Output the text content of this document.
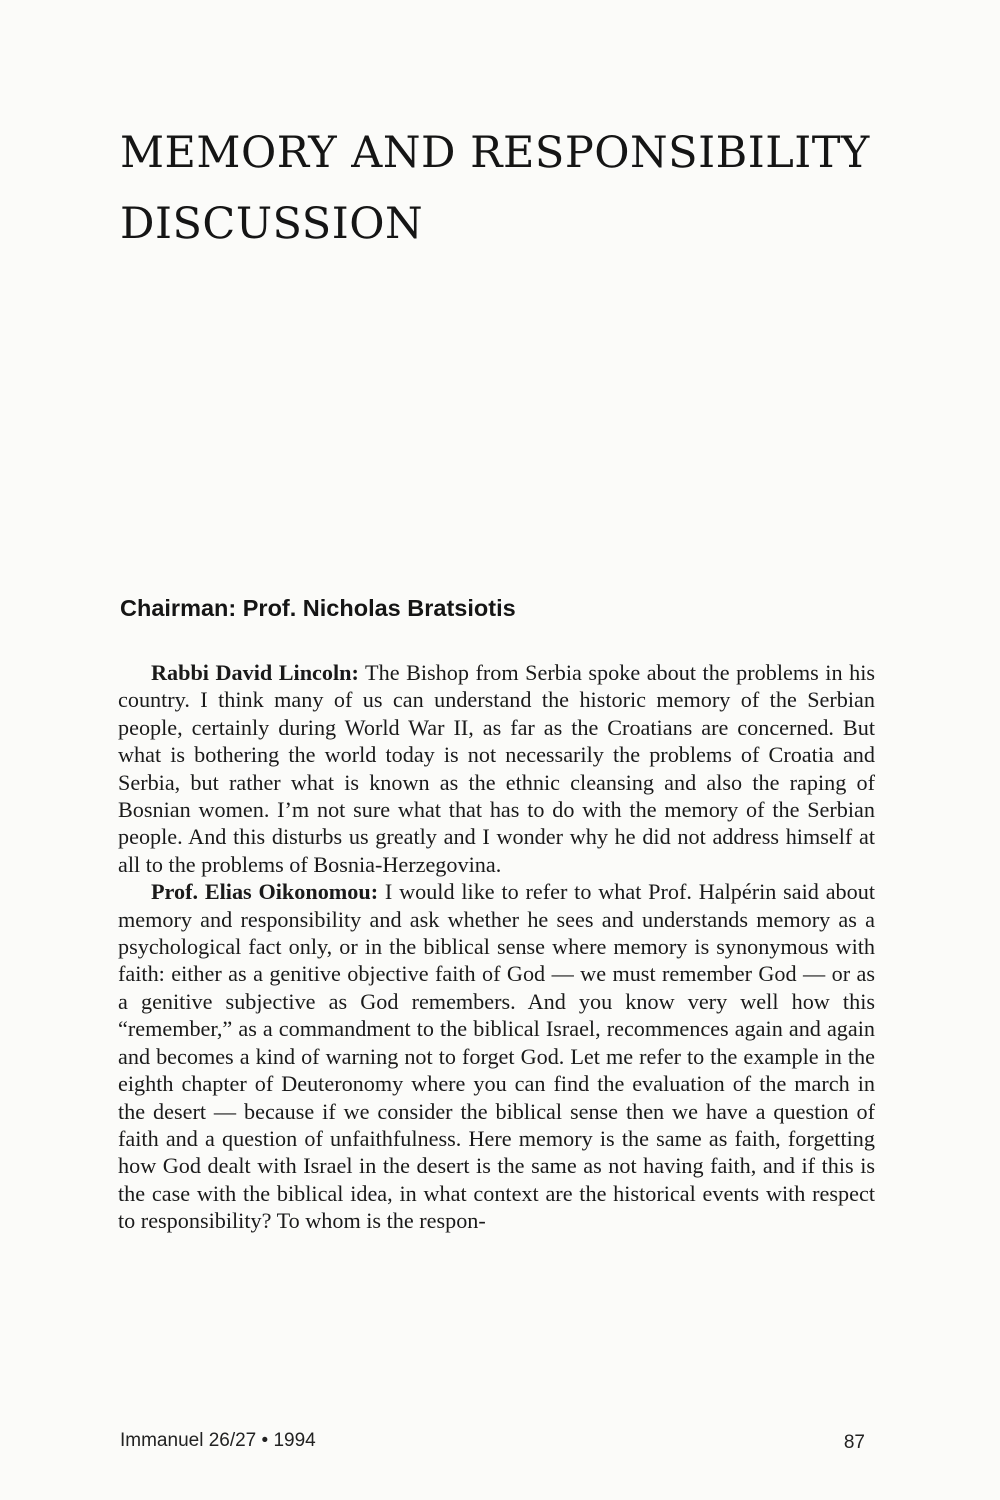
MEMORY AND RESPONSIBILITY
DISCUSSION
Chairman: Prof. Nicholas Bratsiotis

Rabbi David Lincoln: The Bishop from Serbia spoke about the problems in his country. I think many of us can understand the historic memory of the Serbian people, certainly during World War II, as far as the Croatians are concerned. But what is bothering the world today is not necessarily the problems of Croatia and Serbia, but rather what is known as the ethnic cleansing and also the raping of Bosnian women. I’m not sure what that has to do with the memory of the Serbian people. And this disturbs us greatly and I wonder why he did not address himself at all to the problems of Bosnia-Herzegovina.

Prof. Elias Oikonomou: I would like to refer to what Prof. Halpérin said about memory and responsibility and ask whether he sees and understands memory as a psychological fact only, or in the biblical sense where memory is synonymous with faith: either as a genitive objective faith of God — we must remember God — or as a genitive subjective as God remembers. And you know very well how this “remember,” as a commandment to the biblical Israel, recommences again and again and becomes a kind of warning not to forget God. Let me refer to the example in the eighth chapter of Deuteronomy where you can find the evaluation of the march in the desert — because if we consider the biblical sense then we have a question of faith and a question of unfaithfulness. Here memory is the same as faith, forgetting how God dealt with Israel in the desert is the same as not having faith, and if this is the case with the biblical idea, in what context are the historical events with respect to responsibility? To whom is the respon-

Immanuel 26/27 • 1994	87
